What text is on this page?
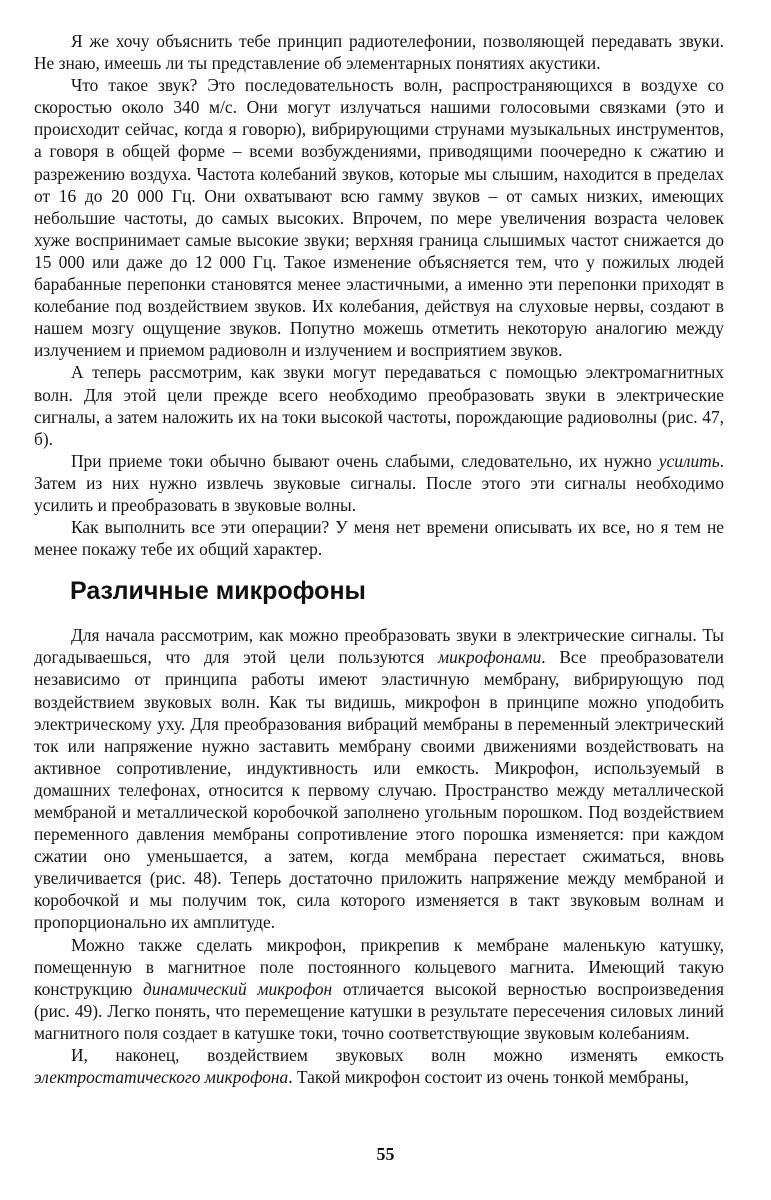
Я же хочу объяснить тебе принцип радиотелефонии, позволяющей передавать звуки. Не знаю, имеешь ли ты представление об элементарных понятиях акустики.

Что такое звук? Это последовательность волн, распространяющихся в воздухе со скоростью около 340 м/с. Они могут излучаться нашими голосовыми связками (это и происходит сейчас, когда я говорю), вибрирующими струнами музыкальных инструментов, а говоря в общей форме – всеми возбуждениями, приводящими поочередно к сжатию и разрежению воздуха. Частота колебаний звуков, которые мы слышим, находится в пределах от 16 до 20 000 Гц. Они охватывают всю гамму звуков – от самых низких, имеющих небольшие частоты, до самых высоких. Впрочем, по мере увеличения возраста человек хуже воспринимает самые высокие звуки; верхняя граница слышимых частот снижается до 15 000 или даже до 12 000 Гц. Такое изменение объясняется тем, что у пожилых людей барабанные перепонки становятся менее эластичными, а именно эти перепонки приходят в колебание под воздействием звуков. Их колебания, действуя на слуховые нервы, создают в нашем мозгу ощущение звуков. Попутно можешь отметить некоторую аналогию между излучением и приемом радиоволн и излучением и восприятием звуков.

А теперь рассмотрим, как звуки могут передаваться с помощью электромагнитных волн. Для этой цели прежде всего необходимо преобразовать звуки в электрические сигналы, а затем наложить их на токи высокой частоты, порождающие радиоволны (рис. 47, б).

При приеме токи обычно бывают очень слабыми, следовательно, их нужно усилить. Затем из них нужно извлечь звуковые сигналы. После этого эти сигналы необходимо усилить и преобразовать в звуковые волны.

Как выполнить все эти операции? У меня нет времени описывать их все, но я тем не менее покажу тебе их общий характер.

Различные микрофоны

Для начала рассмотрим, как можно преобразовать звуки в электрические сигналы. Ты догадываешься, что для этой цели пользуются микрофонами. Все преобразователи независимо от принципа работы имеют эластичную мембрану, вибрирующую под воздействием звуковых волн. Как ты видишь, микрофон в принципе можно уподобить электрическому уху. Для преобразования вибраций мембраны в переменный электрический ток или напряжение нужно заставить мембрану своими движениями воздействовать на активное сопротивление, индуктивность или емкость. Микрофон, используемый в домашних телефонах, относится к первому случаю. Пространство между металлической мембраной и металлической коробочкой заполнено угольным порошком. Под воздействием переменного давления мембраны сопротивление этого порошка изменяется: при каждом сжатии оно уменьшается, а затем, когда мембрана перестает сжиматься, вновь увеличивается (рис. 48). Теперь достаточно приложить напряжение между мембраной и коробочкой и мы получим ток, сила которого изменяется в такт звуковым волнам и пропорционально их амплитуде.

Можно также сделать микрофон, прикрепив к мембране маленькую катушку, помещенную в магнитное поле постоянного кольцевого магнита. Имеющий такую конструкцию динамический микрофон отличается высокой верностью воспроизведения (рис. 49). Легко понять, что перемещение катушки в результате пересечения силовых линий магнитного поля создает в катушке токи, точно соответствующие звуковым колебаниям.

И, наконец, воздействием звуковых волн можно изменять емкость электростатического микрофона. Такой микрофон состоит из очень тонкой мембраны,

55
